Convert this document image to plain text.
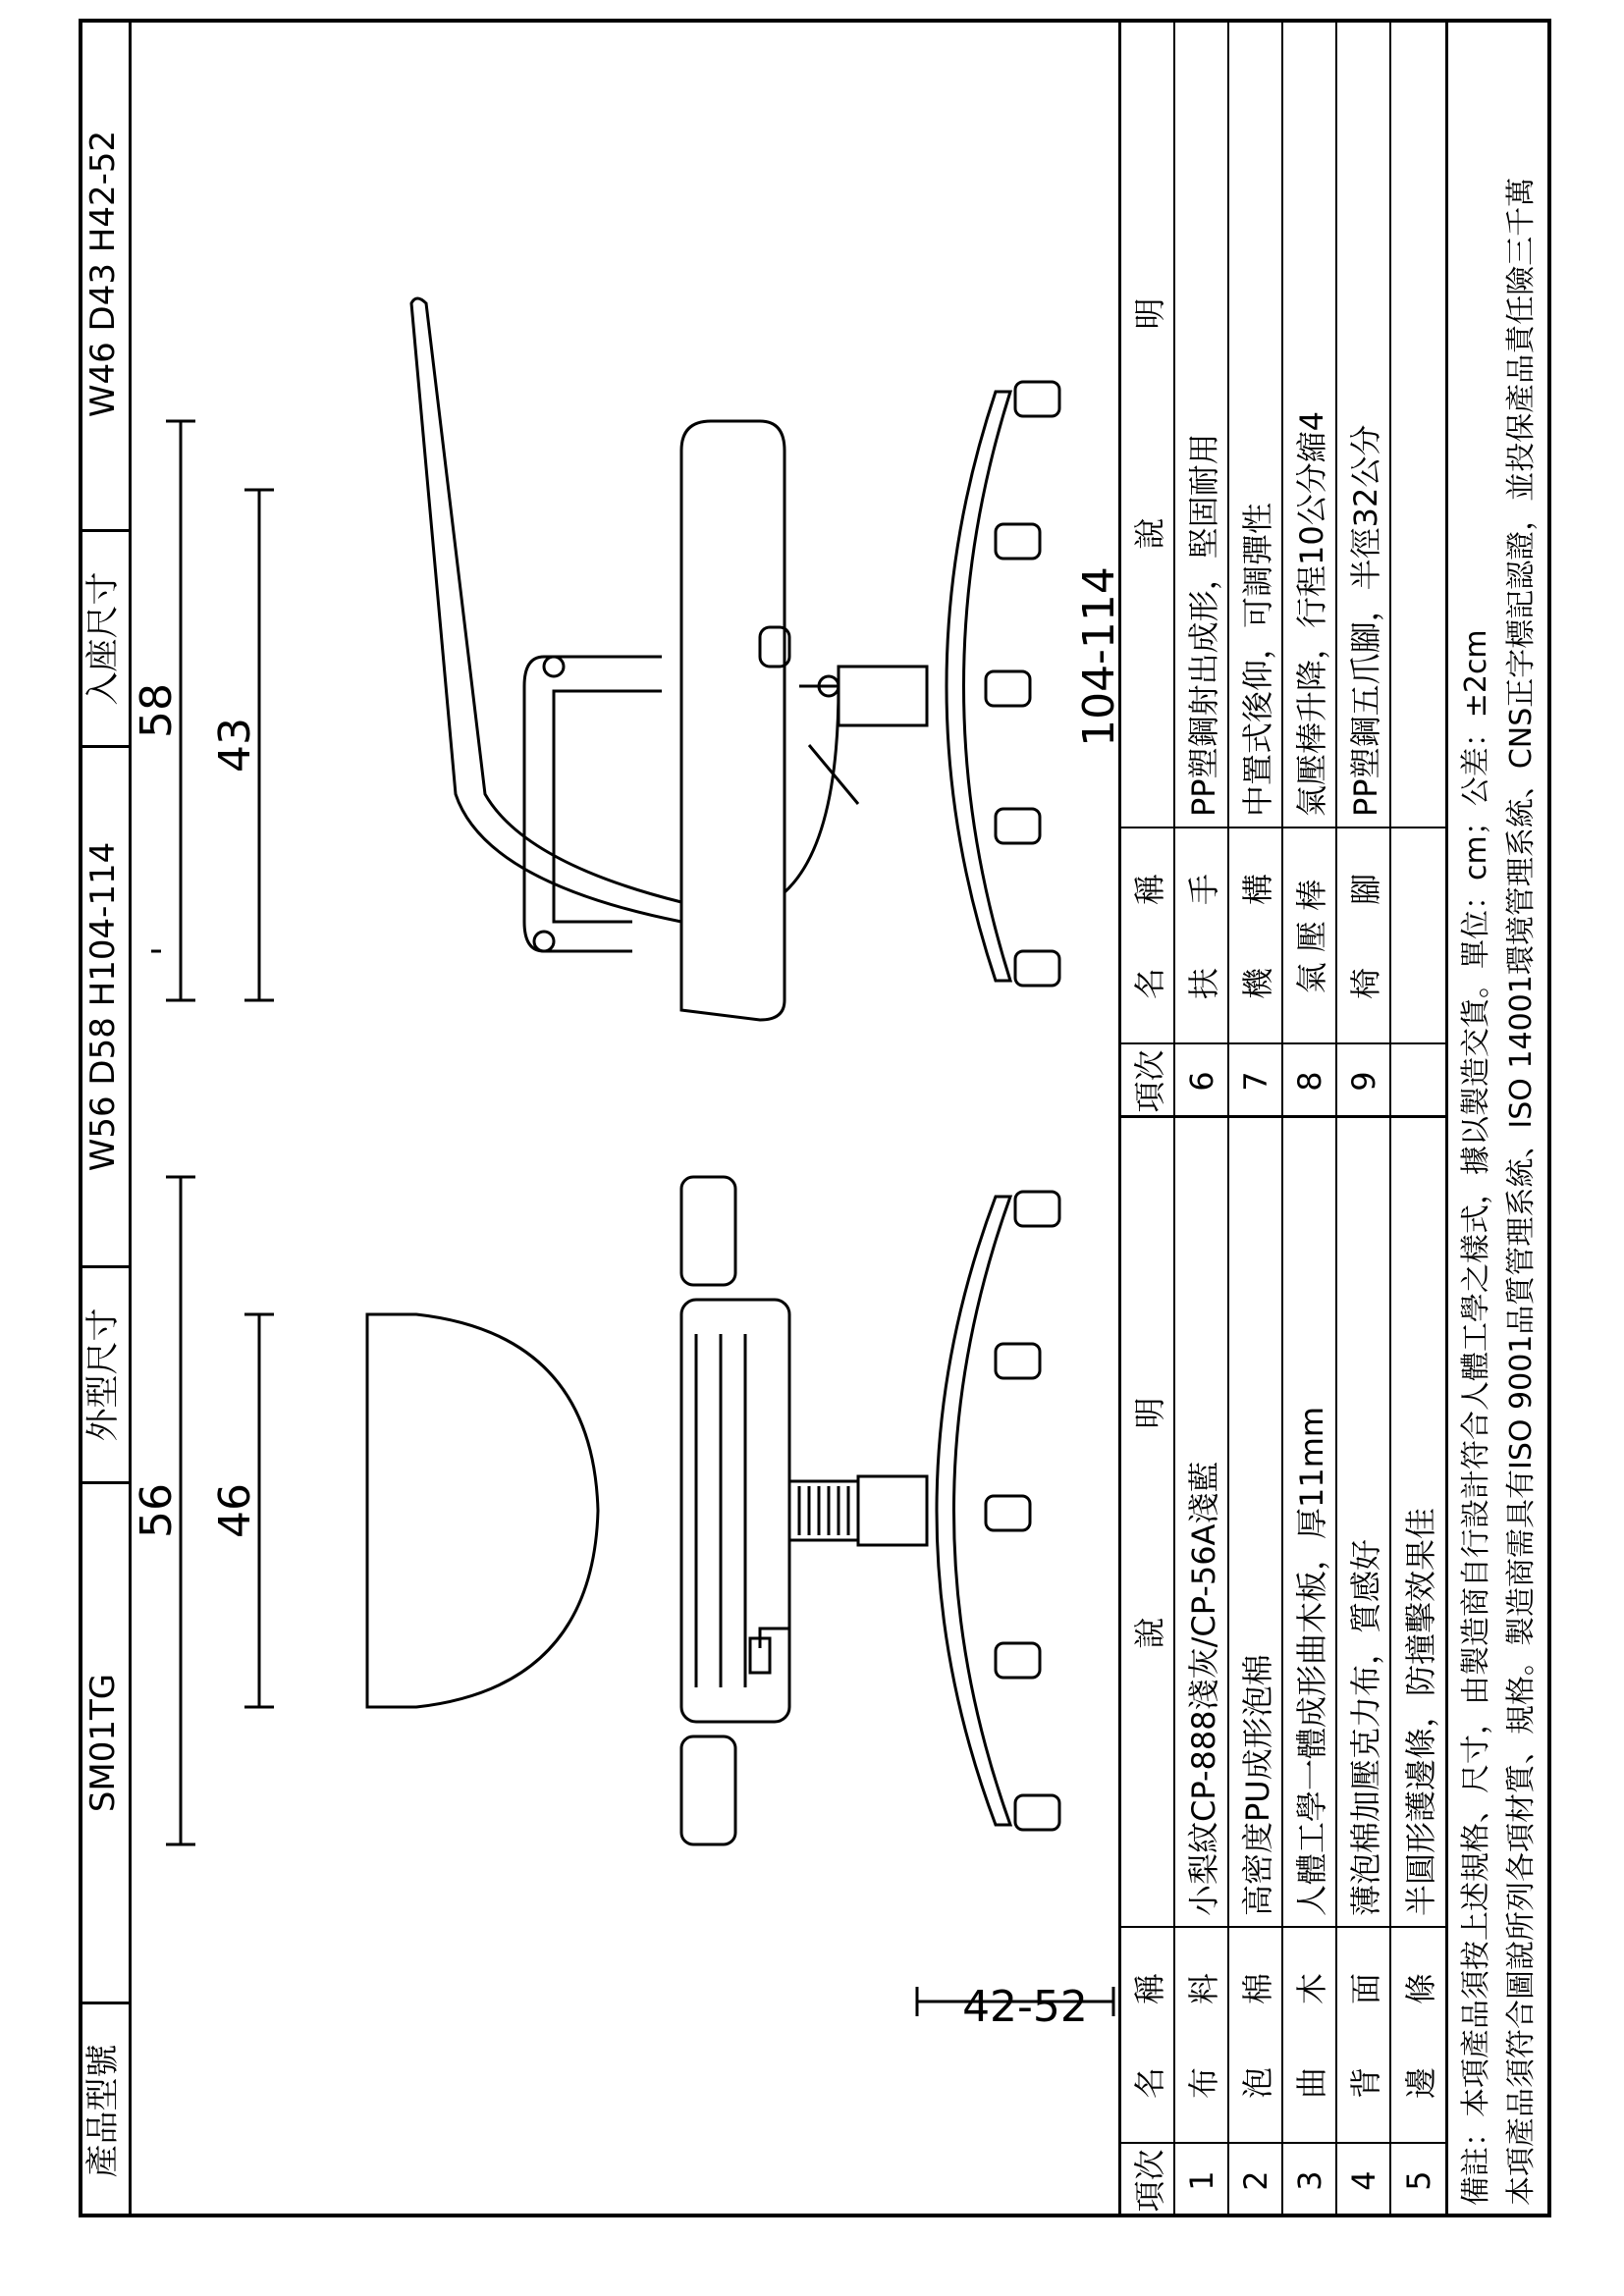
產品型號
SM01TG
外型尺寸
W56 D58 H104-114
入座尺寸
W46 D43 H42-52
56 46
42-52
58
43	104-114
項次
名　　稱
說　　　　　　明
項次
名　　稱
說　　　　　　明
1
布　　料
小梨紋CP-888淺灰/CP-56A淺藍
6
扶　　手
PP塑鋼射出成形，堅固耐用
2
泡　　棉
高密度PU成形泡棉
7
機　　構
中置式後仰，可調彈性
3
曲　　木
人體工學一體成形曲木板，厚11mm
8
氣 壓 棒
氣壓棒升降，行程10公分縮4
4
背　　面
薄泡棉加壓克力布，質感好
9
椅　　腳
PP塑鋼五爪腳，半徑32公分
5
邊　　條
半圓形護邊條，防撞擊效果佳 備註：本項產品須按上述規格、尺寸，由製造商自行設計符合人體工學之樣式，據以製造交貨。單位：cm；公差：±2cm 本項產品須符合圖說所列各項材質、規格。製造商需具有ISO 9001品質管理系統、ISO 14001環境管理系統、CNS正字標記認證，並投保產品責任險三千萬
